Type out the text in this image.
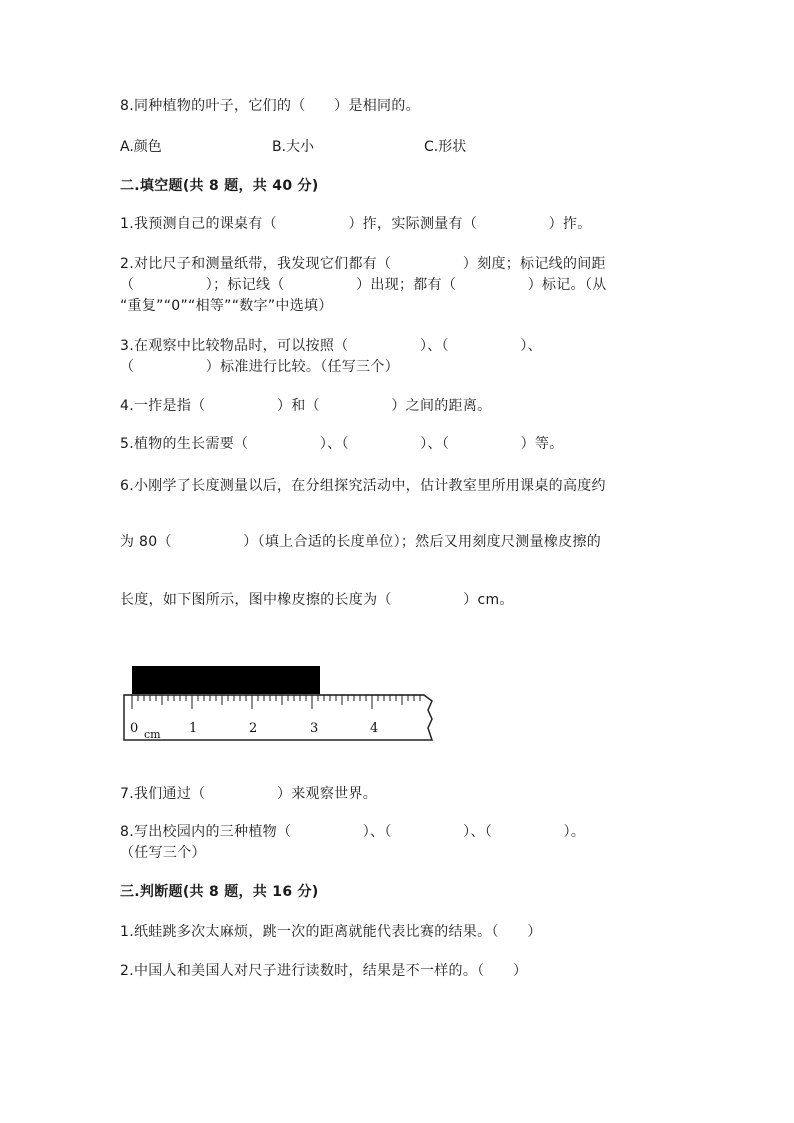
8.同种植物的叶子，它们的（　　）是相同的。
A.颜色	B.大小	C.形状
二.填空题(共 8 题，共 40 分)
1.我预测自己的课桌有（　　　　　）拃，实际测量有（　　　　　）拃。
2.对比尺子和测量纸带，我发现它们都有（　　　　　）刻度；标记线的间距
（　　　　　）；标记线（　　　　　）出现；都有（　　　　　）标记。（从
“重复”“0”“相等”“数字”中选填）
3.在观察中比较物品时，可以按照（　　　　　）、（　　　　　）、
（　　　　　）标准进行比较。（任写三个）
4.一拃是指（　　　　　）和（　　　　　）之间的距离。
5.植物的生长需要（　　　　　）、（　　　　　）、（　　　　　）等。
6.小刚学了长度测量以后，在分组探究活动中，估计教室里所用课桌的高度约
为 80（　　　　　）（填上合适的长度单位）；然后又用刻度尺测量橡皮擦的
长度，如下图所示，图中橡皮擦的长度为（　　　　　）cm。
0	1	2	3	4
cm
7.我们通过（　　　　　）来观察世界。
8.写出校园内的三种植物（　　　　　）、（　　　　　）、（　　　　　）。
（任写三个）
三.判断题(共 8 题，共 16 分)
1.纸蛙跳多次太麻烦，跳一次的距离就能代表比赛的结果。（　　）
2.中国人和美国人对尺子进行读数时，结果是不一样的。（　　）
